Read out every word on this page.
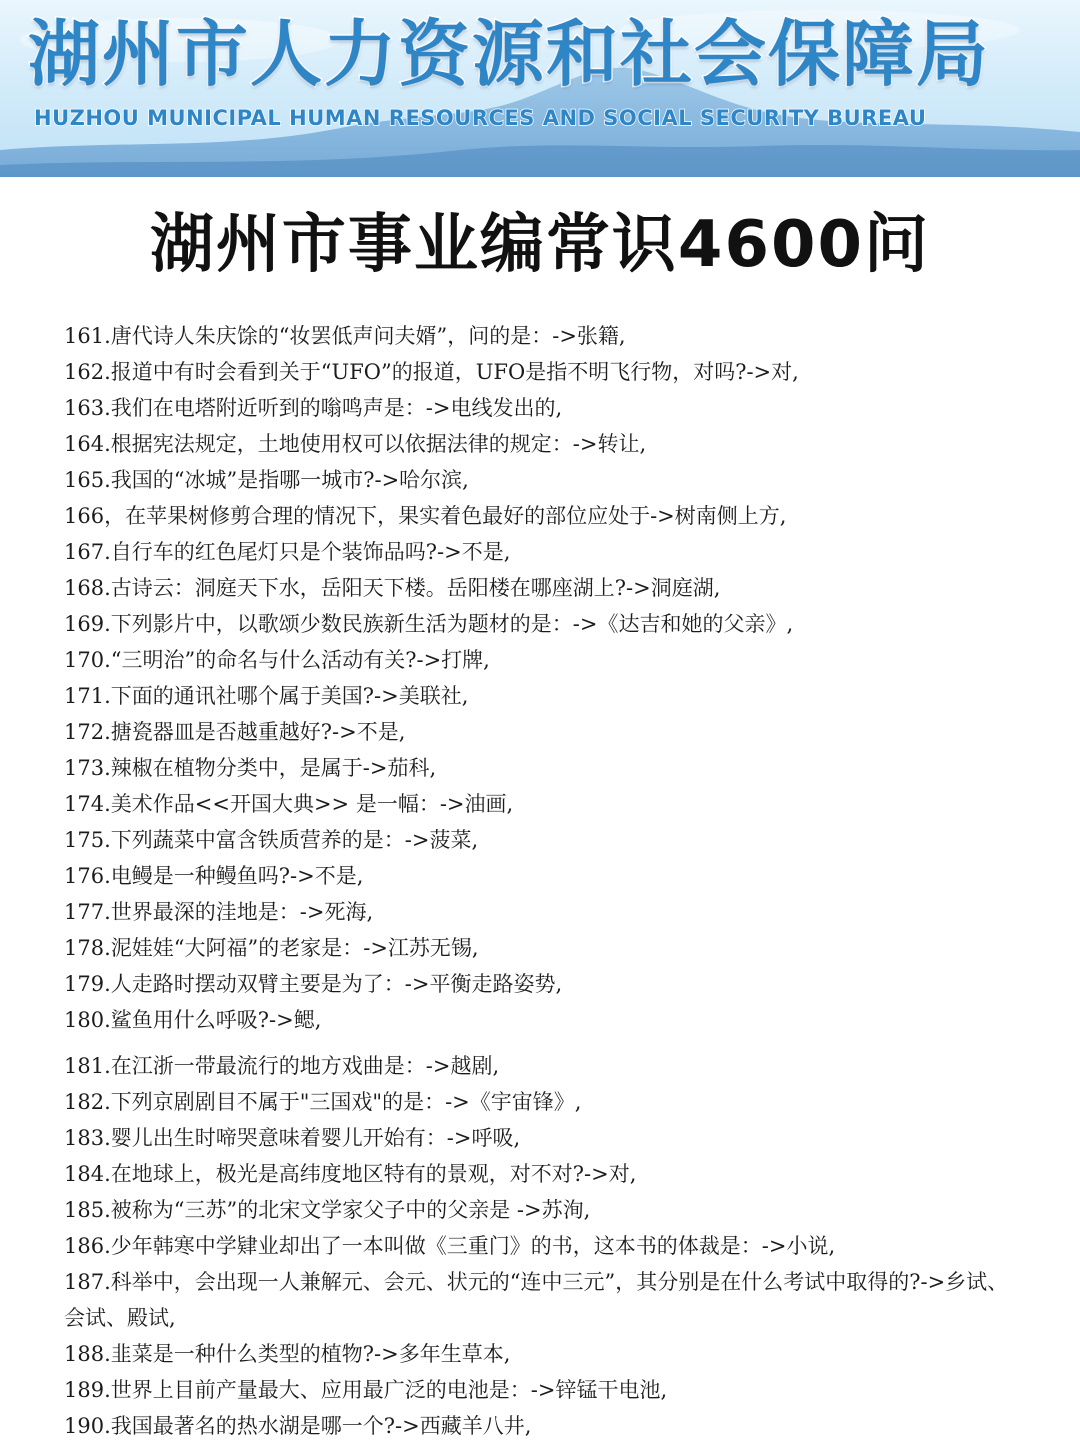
湖州市人力资源和社会保障局
HUZHOU MUNICIPAL HUMAN RESOURCES AND SOCIAL SECURITY BUREAU
湖州市事业编常识4600问
161.唐代诗人朱庆馀的“妆罢低声问夫婿”，问的是：->张籍,
162.报道中有时会看到关于“UFO”的报道，UFO是指不明飞行物，对吗?->对,
163.我们在电塔附近听到的嗡鸣声是：->电线发出的,
164.根据宪法规定，土地使用权可以依据法律的规定：->转让,
165.我国的“冰城”是指哪一城市?->哈尔滨,
166，在苹果树修剪合理的情况下，果实着色最好的部位应处于->树南侧上方,
167.自行车的红色尾灯只是个装饰品吗?->不是,
168.古诗云：洞庭天下水，岳阳天下楼。岳阳楼在哪座湖上?->洞庭湖,
169.下列影片中，以歌颂少数民族新生活为题材的是：->《达吉和她的父亲》,
170.“三明治”的命名与什么活动有关?->打牌,
171.下面的通讯社哪个属于美国?->美联社,
172.搪瓷器皿是否越重越好?->不是,
173.辣椒在植物分类中，是属于->茄科,
174.美术作品<<开国大典>> 是一幅：->油画,
175.下列蔬菜中富含铁质营养的是：->菠菜,
176.电鳗是一种鳗鱼吗?->不是,
177.世界最深的洼地是：->死海,
178.泥娃娃“大阿福”的老家是：->江苏无锡,
179.人走路时摆动双臂主要是为了：->平衡走路姿势,
180.鲨鱼用什么呼吸?->鳃,
181.在江浙一带最流行的地方戏曲是：->越剧,
182.下列京剧剧目不属于"三国戏"的是：->《宇宙锋》,
183.婴儿出生时啼哭意味着婴儿开始有：->呼吸,
184.在地球上，极光是高纬度地区特有的景观，对不对?->对,
185.被称为“三苏”的北宋文学家父子中的父亲是 ->苏洵,
186.少年韩寒中学肄业却出了一本叫做《三重门》的书，这本书的体裁是：->小说,
187.科举中，会出现一人兼解元、会元、状元的“连中三元”，其分别是在什么考试中取得的?->乡试、会试、殿试,
188.韭菜是一种什么类型的植物?->多年生草本,
189.世界上目前产量最大、应用最广泛的电池是：->锌锰干电池,
190.我国最著名的热水湖是哪一个?->西藏羊八井,
